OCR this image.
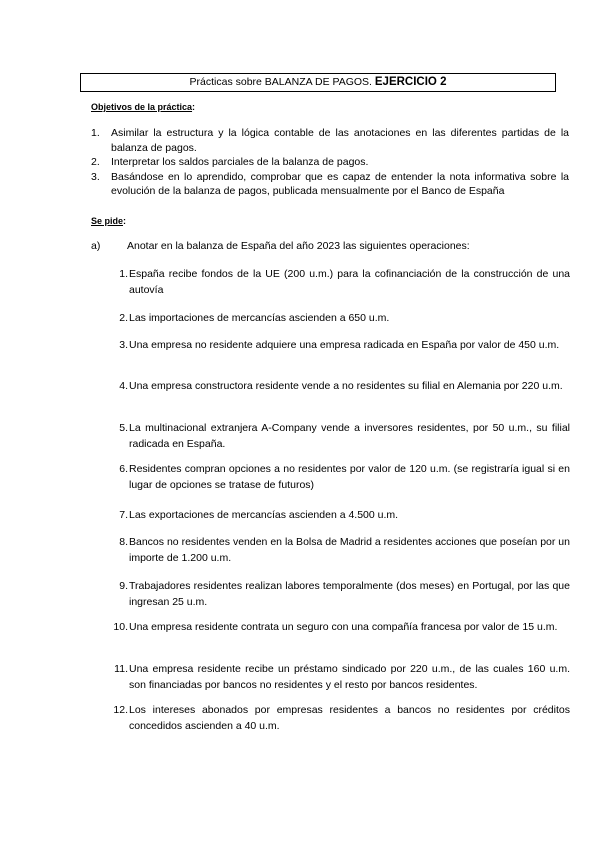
Prácticas sobre BALANZA DE PAGOS. EJERCICIO 2
Objetivos de la práctica:
1. Asimilar la estructura y la lógica contable de las anotaciones en las diferentes partidas de la balanza de pagos.
2. Interpretar los saldos parciales de la balanza de pagos.
3. Basándose en lo aprendido, comprobar que es capaz de entender la nota informativa sobre la evolución de la balanza de pagos, publicada mensualmente por el Banco de España
Se pide:
a)	Anotar en la balanza de España del año 2023 las siguientes operaciones:
1. España recibe fondos de la UE (200 u.m.) para la cofinanciación de la construcción de una autovía
2. Las importaciones de mercancías ascienden a 650 u.m.
3. Una empresa no residente adquiere una empresa radicada en España por valor de 450 u.m.
4. Una empresa constructora residente vende a no residentes su filial en Alemania por 220 u.m.
5. La multinacional extranjera A-Company vende a inversores residentes, por 50 u.m., su filial radicada en España.
6. Residentes compran opciones a no residentes por valor de 120 u.m. (se registraría igual si en lugar de opciones se tratase de futuros)
7. Las exportaciones de mercancías ascienden a 4.500 u.m.
8. Bancos no residentes venden en la Bolsa de Madrid a residentes acciones que poseían por un importe de 1.200 u.m.
9. Trabajadores residentes realizan labores temporalmente (dos meses) en Portugal, por las que ingresan 25 u.m.
10. Una empresa residente contrata un seguro con una compañía francesa por valor de 15 u.m.
11. Una empresa residente recibe un préstamo sindicado por 220 u.m., de las cuales 160 u.m. son financiadas por bancos no residentes y el resto por bancos residentes.
12. Los intereses abonados por empresas residentes a bancos no residentes por créditos concedidos ascienden a 40 u.m.
